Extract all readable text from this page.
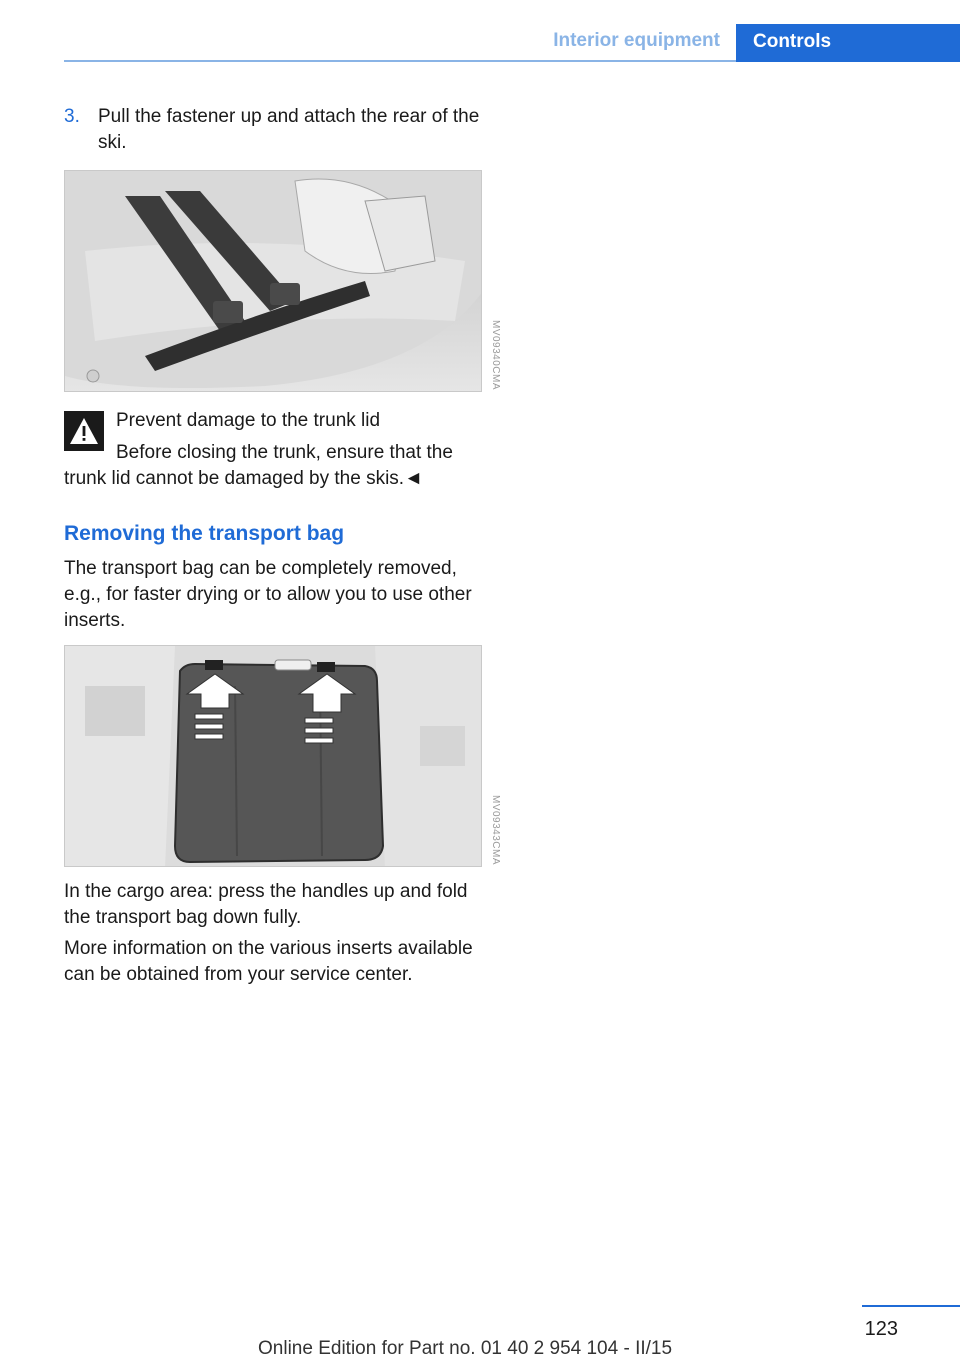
Interior equipment	Controls
3. Pull the fastener up and attach the rear of the ski.
MV09340CMA
Prevent damage to the trunk lid
Before closing the trunk, ensure that the trunk lid cannot be damaged by the skis.◄
Removing the transport bag
The transport bag can be completely removed, e.g., for faster drying or to allow you to use other inserts.
MV09343CMA
In the cargo area: press the handles up and fold the transport bag down fully.
More information on the various inserts available can be obtained from your service center.
123
Online Edition for Part no. 01 40 2 954 104 - II/15
